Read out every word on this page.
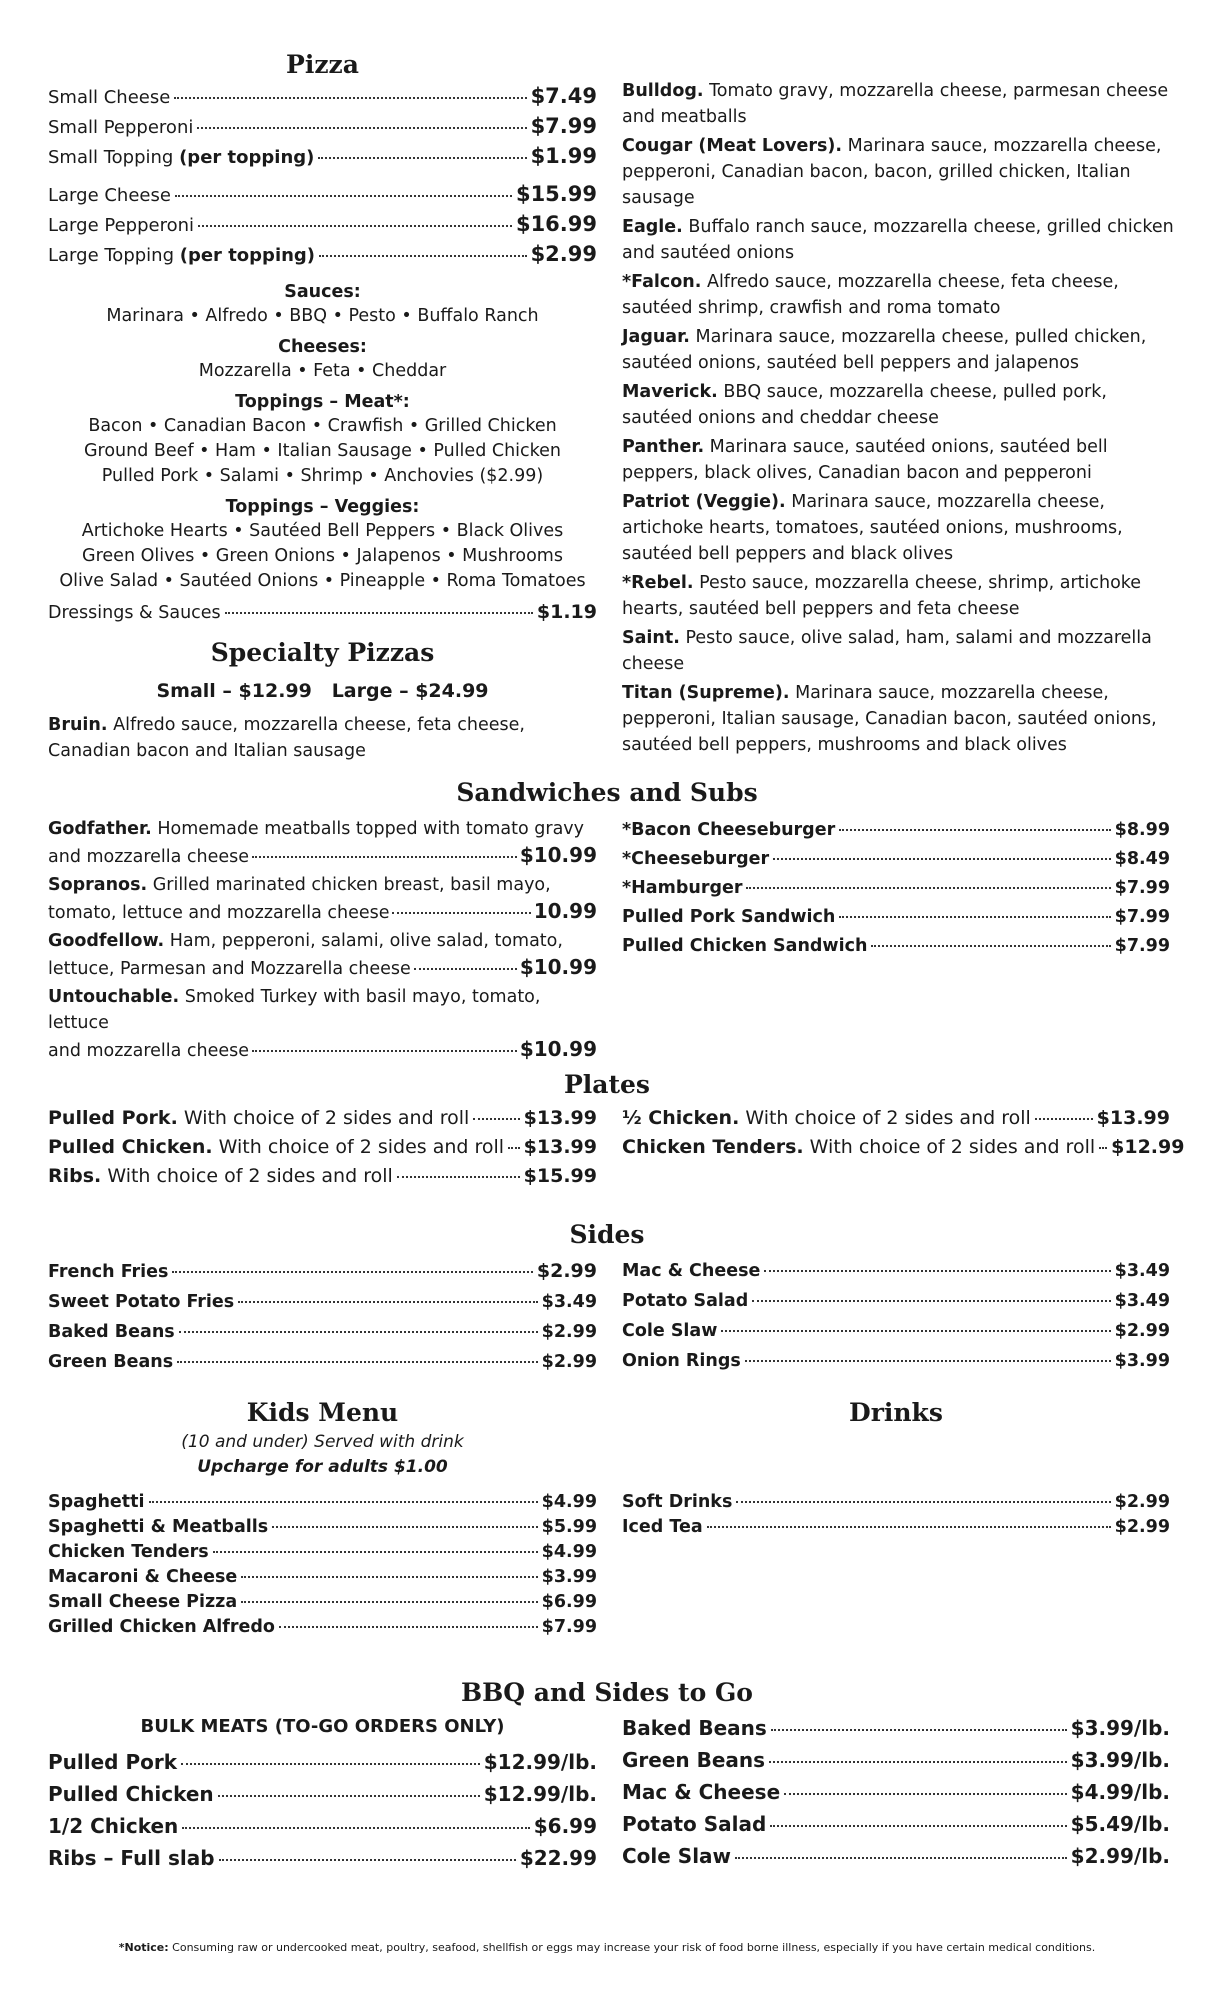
Pizza
Small Cheese	$7.49
Small Pepperoni	$7.99
Small Topping (per topping)	$1.99
Large Cheese	$15.99
Large Pepperoni	$16.99
Large Topping (per topping)	$2.99
Sauces:
Marinara • Alfredo • BBQ • Pesto • Buffalo Ranch
Cheeses:
Mozzarella • Feta • Cheddar
Toppings – Meat*:
Bacon • Canadian Bacon • Crawfish • Grilled Chicken
Ground Beef • Ham • Italian Sausage • Pulled Chicken
Pulled Pork • Salami • Shrimp • Anchovies ($2.99)
Toppings – Veggies:
Artichoke Hearts • Sautéed Bell Peppers • Black Olives
Green Olives • Green Onions • Jalapenos • Mushrooms
Olive Salad • Sautéed Onions • Pineapple • Roma Tomatoes
Dressings & Sauces	$1.19
Specialty Pizzas
Small – $12.99   Large – $24.99
Bruin. Alfredo sauce, mozzarella cheese, feta cheese, Canadian bacon and Italian sausage
Bulldog. Tomato gravy, mozzarella cheese, parmesan cheese and meatballs
Cougar (Meat Lovers). Marinara sauce, mozzarella cheese, pepperoni, Canadian bacon, bacon, grilled chicken, Italian sausage
Eagle. Buffalo ranch sauce, mozzarella cheese, grilled chicken and sautéed onions
*Falcon. Alfredo sauce, mozzarella cheese, feta cheese, sautéed shrimp, crawfish and roma tomato
Jaguar. Marinara sauce, mozzarella cheese, pulled chicken, sautéed onions, sautéed bell peppers and jalapenos
Maverick. BBQ sauce, mozzarella cheese, pulled pork, sautéed onions and cheddar cheese
Panther. Marinara sauce, sautéed onions, sautéed bell peppers, black olives, Canadian bacon and pepperoni
Patriot (Veggie). Marinara sauce, mozzarella cheese, artichoke hearts, tomatoes, sautéed onions, mushrooms, sautéed bell peppers and black olives
*Rebel. Pesto sauce, mozzarella cheese, shrimp, artichoke hearts, sautéed bell peppers and feta cheese
Saint. Pesto sauce, olive salad, ham, salami and mozzarella cheese
Titan (Supreme). Marinara sauce, mozzarella cheese, pepperoni, Italian sausage, Canadian bacon, sautéed onions, sautéed bell peppers, mushrooms and black olives
Sandwiches and Subs
Godfather. Homemade meatballs topped with tomato gravy
and mozzarella cheese	$10.99
Sopranos. Grilled marinated chicken breast, basil mayo,
tomato, lettuce and mozzarella cheese	10.99
Goodfellow. Ham, pepperoni, salami, olive salad, tomato,
lettuce, Parmesan and Mozzarella cheese	$10.99
Untouchable. Smoked Turkey with basil mayo, tomato, lettuce
and mozzarella cheese	$10.99
*Bacon Cheeseburger	$8.99
*Cheeseburger	$8.49
*Hamburger	$7.99
Pulled Pork Sandwich	$7.99
Pulled Chicken Sandwich	$7.99
Plates
Pulled Pork. With choice of 2 sides and roll	$13.99
Pulled Chicken. With choice of 2 sides and roll $13.99
Ribs. With choice of 2 sides and roll	$15.99
½ Chicken. With choice of 2 sides and roll	$13.99
Chicken Tenders. With choice of 2 sides and roll $12.99
Sides
French Fries	$2.99
Sweet Potato Fries	$3.49
Baked Beans	$2.99
Green Beans	$2.99
Mac & Cheese	$3.49
Potato Salad	$3.49
Cole Slaw	$2.99
Onion Rings	$3.99
Kids Menu
(10 and under) Served with drink
Upcharge for adults $1.00
Spaghetti	$4.99
Spaghetti & Meatballs	$5.99
Chicken Tenders	$4.99
Macaroni & Cheese	$3.99
Small Cheese Pizza	$6.99
Grilled Chicken Alfredo	$7.99
Drinks
Soft Drinks	$2.99
Iced Tea	$2.99
BBQ and Sides to Go
BULK MEATS (TO-GO ORDERS ONLY)
Pulled Pork	$12.99/lb.
Pulled Chicken	$12.99/lb.
1/2 Chicken	$6.99
Ribs – Full slab	$22.99
Baked Beans	$3.99/lb.
Green Beans	$3.99/lb.
Mac & Cheese	$4.99/lb.
Potato Salad	$5.49/lb.
Cole Slaw	$2.99/lb.
*Notice: Consuming raw or undercooked meat, poultry, seafood, shellfish or eggs may increase your risk of food borne illness, especially if you have certain medical conditions.
